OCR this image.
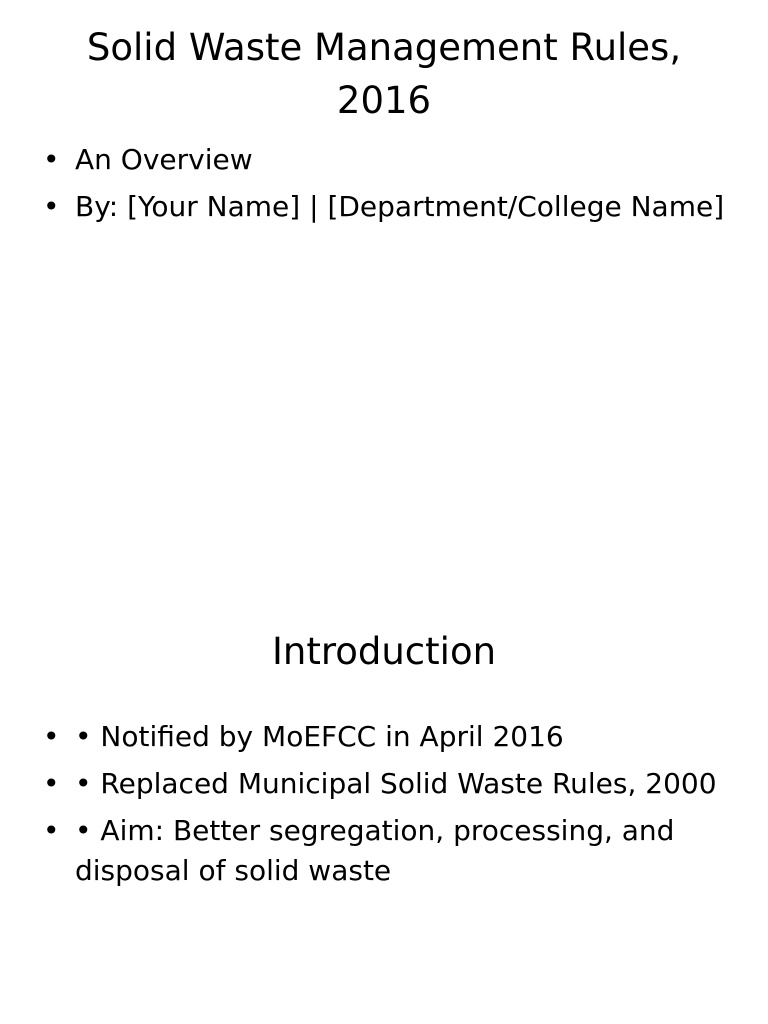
Solid Waste Management Rules, 2016
• An Overview
• By: [Your Name] | [Department/College Name]
Introduction
• • Notified by MoEFCC in April 2016
• • Replaced Municipal Solid Waste Rules, 2000
• • Aim: Better segregation, processing, and disposal of solid waste
